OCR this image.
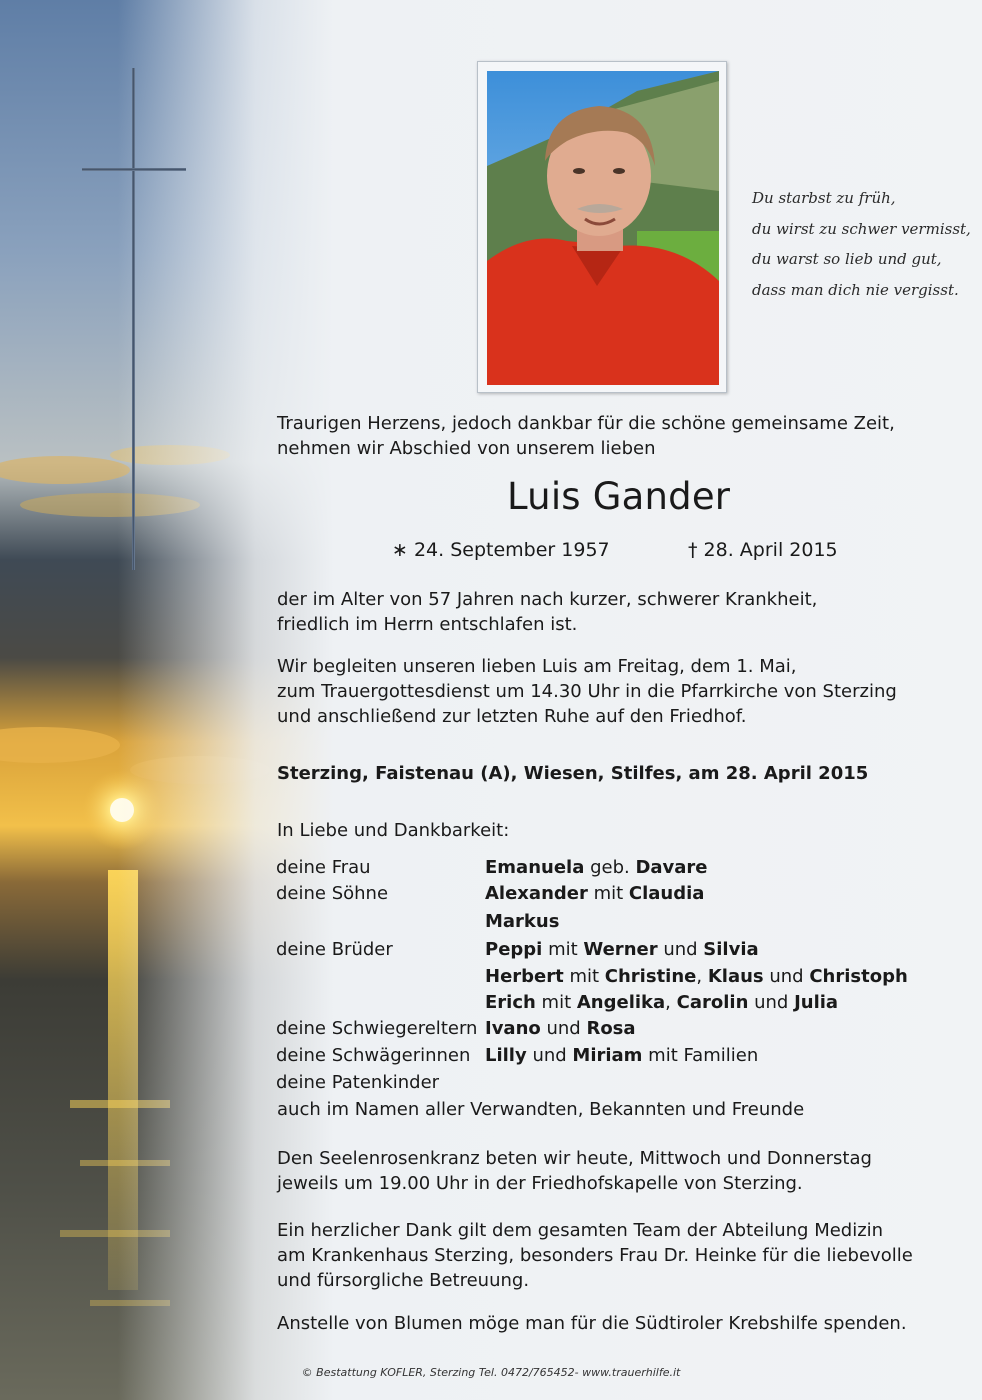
Du starbst zu früh,
du wirst zu schwer vermisst,
du warst so lieb und gut,
dass man dich nie vergisst.
Traurigen Herzens, jedoch dankbar für die schöne gemeinsame Zeit,
nehmen wir Abschied von unserem lieben
Luis Gander
∗ 24. September 1957	† 28. April 2015
der im Alter von 57 Jahren nach kurzer, schwerer Krankheit,
friedlich im Herrn entschlafen ist.
Wir begleiten unseren lieben Luis am Freitag, dem 1. Mai,
zum Trauergottesdienst um 14.30 Uhr in die Pfarrkirche von Sterzing
und anschließend zur letzten Ruhe auf den Friedhof.
Sterzing, Faistenau (A), Wiesen, Stilfes, am 28. April 2015
In Liebe und Dankbarkeit:
deine Frau	Emanuela geb. Davare
deine Söhne	Alexander mit Claudia
Markus
deine Brüder	Peppi mit Werner und Silvia
Herbert mit Christine, Klaus und Christoph
Erich mit Angelika, Carolin und Julia
deine Schwiegereltern Ivano und Rosa
deine Schwägerinnen Lilly und Miriam mit Familien
deine Patenkinder
auch im Namen aller Verwandten, Bekannten und Freunde
Den Seelenrosenkranz beten wir heute, Mittwoch und Donnerstag
jeweils um 19.00 Uhr in der Friedhofskapelle von Sterzing.
Ein herzlicher Dank gilt dem gesamten Team der Abteilung Medizin
am Krankenhaus Sterzing, besonders Frau Dr. Heinke für die liebevolle
und fürsorgliche Betreuung.
Anstelle von Blumen möge man für die Südtiroler Krebshilfe spenden.
© Bestattung KOFLER, Sterzing Tel. 0472/765452- www.trauerhilfe.it
